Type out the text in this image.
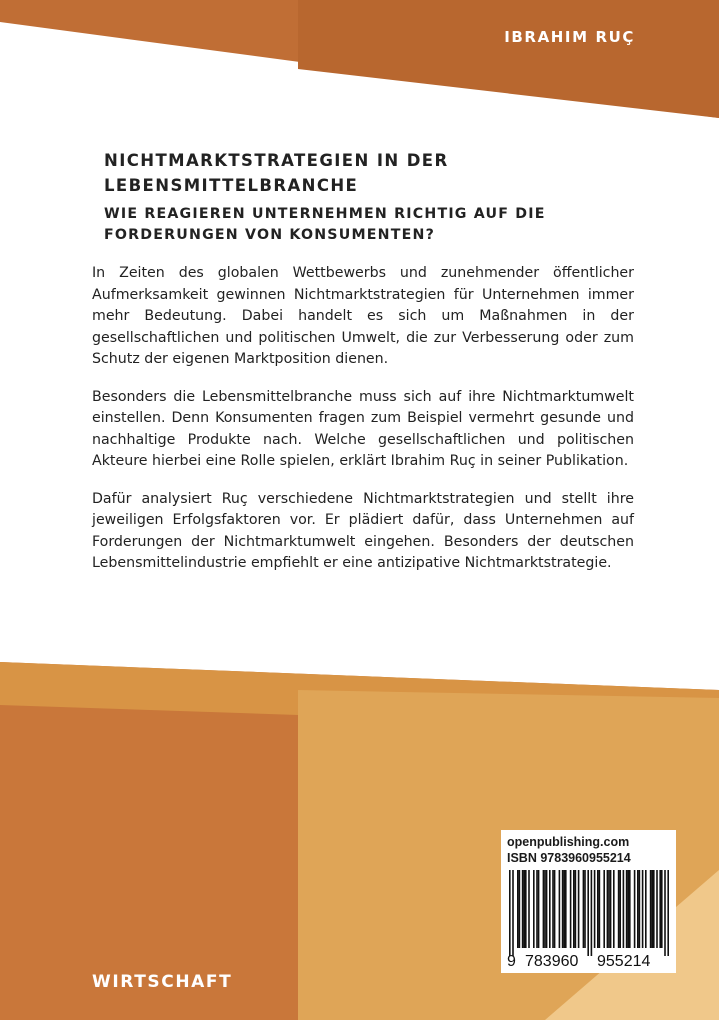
IBRAHIM RUÇ
NICHTMARKTSTRATEGIEN IN DER LEBENSMITTELBRANCHE
WIE REAGIEREN UNTERNEHMEN RICHTIG AUF DIE FORDERUNGEN VON KONSUMENTEN?

In Zeiten des globalen Wettbewerbs und zunehmender öffentlicher Aufmerksamkeit gewinnen Nichtmarktstrategien für Unternehmen immer mehr Bedeutung. Dabei handelt es sich um Maßnahmen in der gesellschaftlichen und politischen Umwelt, die zur Verbesserung oder zum Schutz der eigenen Marktposition dienen.

Besonders die Lebensmittelbranche muss sich auf ihre Nichtmarktumwelt einstellen. Denn Konsumenten fragen zum Beispiel vermehrt gesunde und nachhaltige Produkte nach. Welche gesellschaftlichen und politischen Akteure hierbei eine Rolle spielen, erklärt Ibrahim Ruç in seiner Publikation.

Dafür analysiert Ruç verschiedene Nichtmarktstrategien und stellt ihre jeweiligen Erfolgsfaktoren vor. Er plädiert dafür, dass Unternehmen auf Forderungen der Nichtmarktumwelt eingehen. Besonders der deutschen Lebensmittelindustrie empfiehlt er eine antizipative Nichtmarktstrategie.

openpublishing.com

ISBN 9783960955214

9 783960 955214
WIRTSCHAFT
